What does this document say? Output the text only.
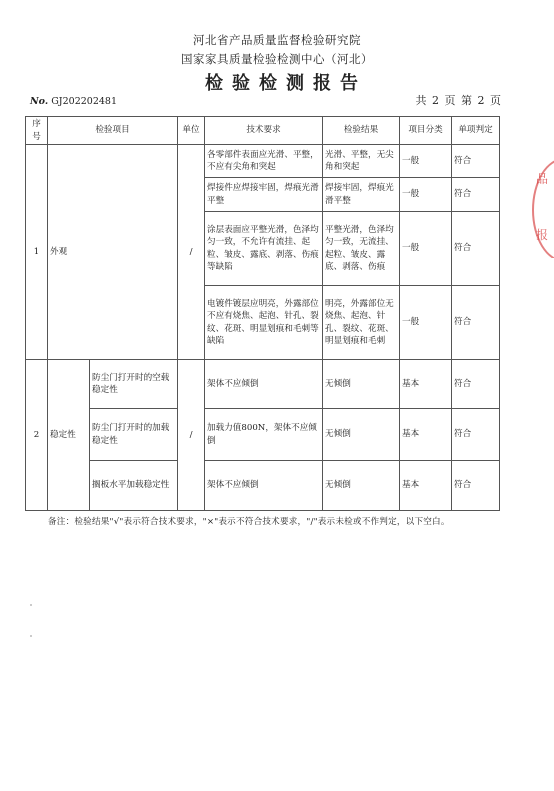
河北省产品质量监督检验研究院
国家家具质量检验检测中心（河北）
检验检测报告
No. GJ202202481	共 2 页 第 2 页
序号	检验项目		单位	技术要求	检验结果	项目分类	单项判定
1	外观		/	各零部件表面应光滑、平整，不应有尖角和突起	光滑、平整，无尖角和突起	一般	符合
				焊接件应焊接牢固，焊痕光滑平整	焊接牢固，焊痕光滑平整	一般	符合
				涂层表面应平整光滑，色泽均匀一致，不允许有流挂、起粒、皱皮、露底、剥落、伤痕等缺陷	平整光滑，色泽均匀一致，无流挂、起粒、皱皮、露底、剥落、伤痕	一般	符合
				电镀件镀层应明亮，外露部位不应有烧焦、起泡、针孔、裂纹、花斑、明显划痕和毛刺等缺陷	明亮，外露部位无烧焦、起泡、针孔、裂纹、花斑、明显划痕和毛刺	一般	符合
2	稳定性	防尘门打开时的空载稳定性	/	架体不应倾倒	无倾倒	基本	符合
		防尘门打开时的加载稳定性		加载力值800N，架体不应倾倒	无倾倒	基本	符合
		搁板水平加载稳定性		架体不应倾倒	无倾倒	基本	符合
备注：检验结果"√"表示符合技术要求，"×"表示不符合技术要求，"/"表示未检或不作判定，以下空白。
品
报
